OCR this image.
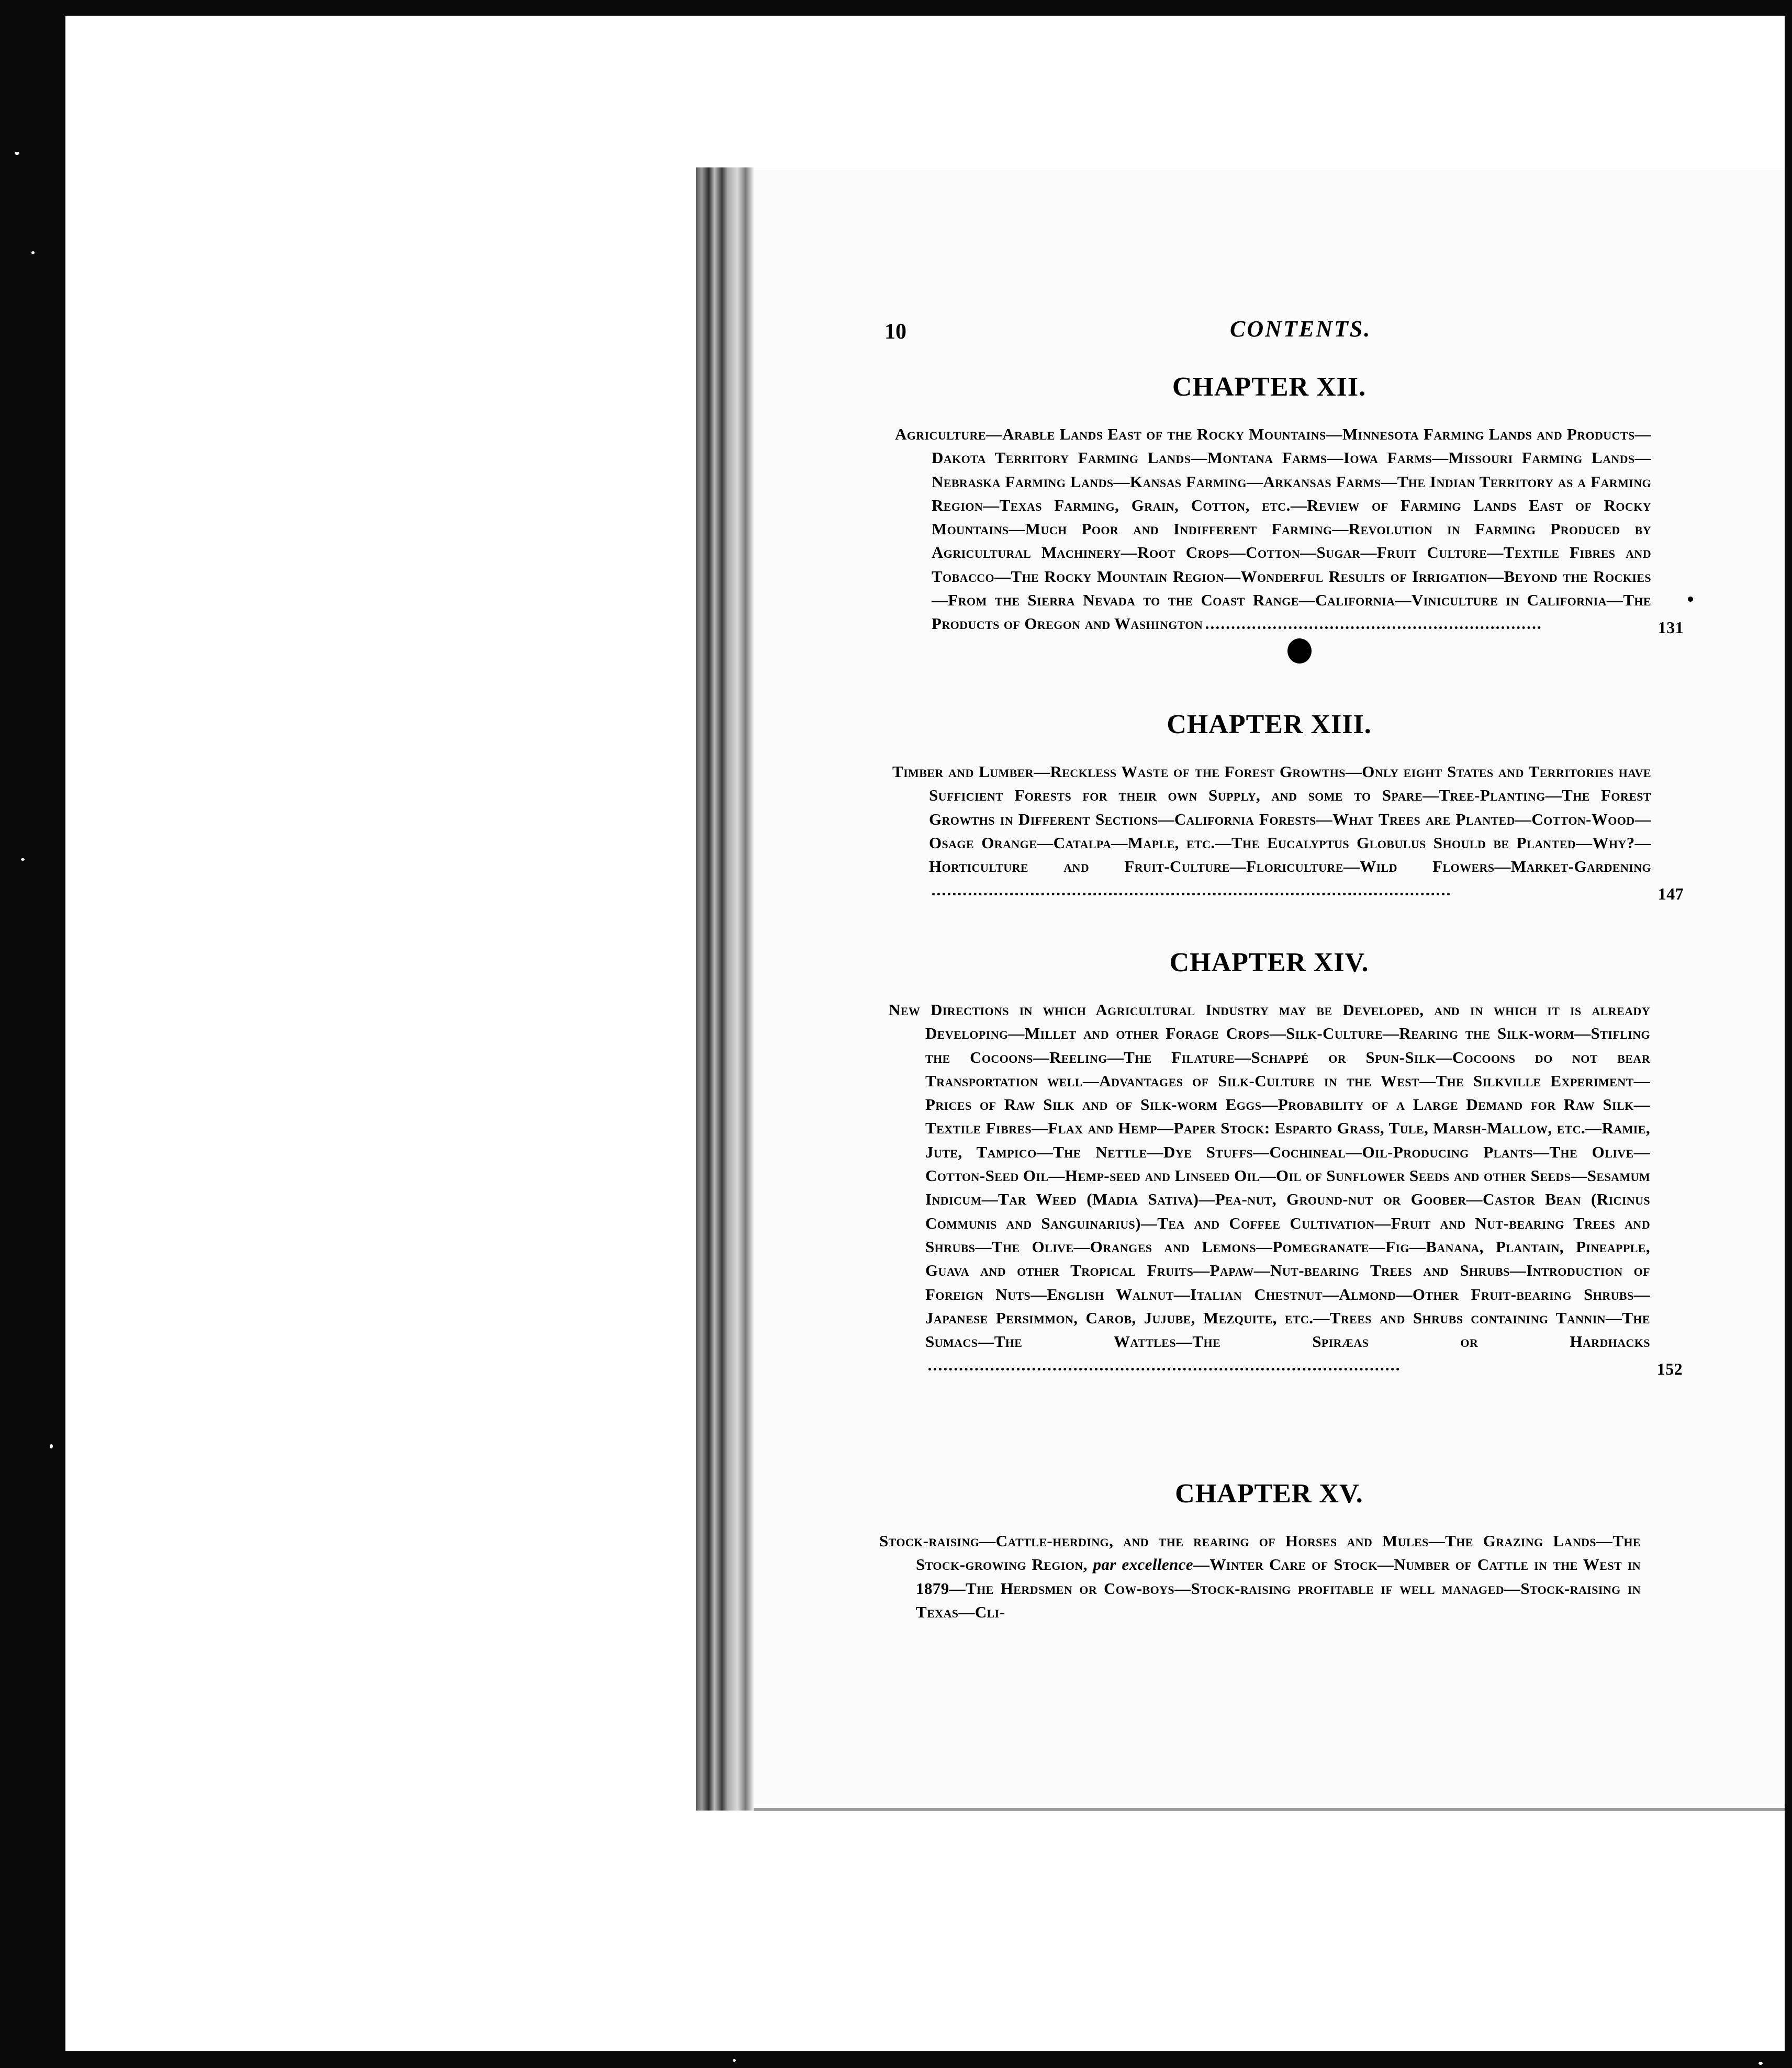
10	CONTENTS.

CHAPTER XII.

Agriculture—Arable Lands East of the Rocky Mountains—Minnesota Farming Lands and Products—Dakota Territory Farming Lands—Montana Farms—Iowa Farms—Missouri Farming Lands—Nebraska Farming Lands—Kansas Farming—Arkansas Farms—The Indian Territory as a Farming Region—Texas Farming, Grain, Cotton, etc.—Review of Farming Lands East of Rocky Mountains—Much Poor and Indifferent Farming—Revolution in Farming Produced by Agricultural Machinery—Root Crops—Cotton—Sugar—Fruit Culture—Textile Fibres and Tobacco—The Rocky Mountain Region—Wonderful Results of Irrigation—Beyond the Rockies—From the Sierra Nevada to the Coast Range—California—Viniculture in California—The Products of Oregon and Washington	131

CHAPTER XIII.

Timber and Lumber—Reckless Waste of the Forest Growths—Only eight States and Territories have Sufficient Forests for their own Supply, and some to Spare—Tree-Planting—The Forest Growths in Different Sections—California Forests—What Trees are Planted—Cotton-Wood—Osage Orange—Catalpa—Maple, etc.—The Eucalyptus Globulus Should be Planted—Why?—Horticulture and Fruit-Culture—Floriculture—Wild Flowers—Market-Gardening
147

CHAPTER XIV.

New Directions in which Agricultural Industry may be Developed, and in which it is already Developing—Millet and other Forage Crops—Silk-Culture—Rearing the Silk-worm—Stifling the Cocoons—Reeling—The Filature—Schappé or Spun-Silk—Cocoons do not bear Transportation well—Advantages of Silk-Culture in the West—The Silkville Experiment—Prices of Raw Silk and of Silk-worm Eggs—Probability of a Large Demand for Raw Silk—Textile Fibres—Flax and Hemp—Paper Stock: Esparto Grass, Tule, Marsh-Mallow, etc.—Ramie, Jute, Tampico—The Nettle—Dye Stuffs—Cochineal—Oil-Producing Plants—The Olive—Cotton-Seed Oil—Hemp-seed and Linseed Oil—Oil of Sunflower Seeds and other Seeds—Sesamum Indicum—Tar Weed (Madia Sativa)—Pea-nut, Ground-nut or Goober—Castor Bean (Ricinus Communis and Sanguinarius)—Tea and Coffee Cultivation—Fruit and Nut-bearing Trees and Shrubs—The Olive—Oranges and Lemons—Pomegranate—Fig—Banana, Plantain, Pineapple, Guava and other Tropical Fruits—Papaw—Nut-bearing Trees and Shrubs—Introduction of Foreign Nuts—English Walnut—Italian Chestnut—Almond—Other Fruit-bearing Shrubs—Japanese Persimmon, Carob, Jujube, Mezquite, etc.—Trees and Shrubs containing Tannin—The Sumacs—The Wattles—The Spiræas or Hardhacks
152

CHAPTER XV.

Stock-raising—Cattle-herding, and the rearing of Horses and Mules—The Grazing Lands—The Stock-growing Region, par excellence—Winter Care of Stock—Number of Cattle in the West in 1879—The Herdsmen or Cow-boys—Stock-raising profitable if well managed—Stock-raising in Texas—Cli-
